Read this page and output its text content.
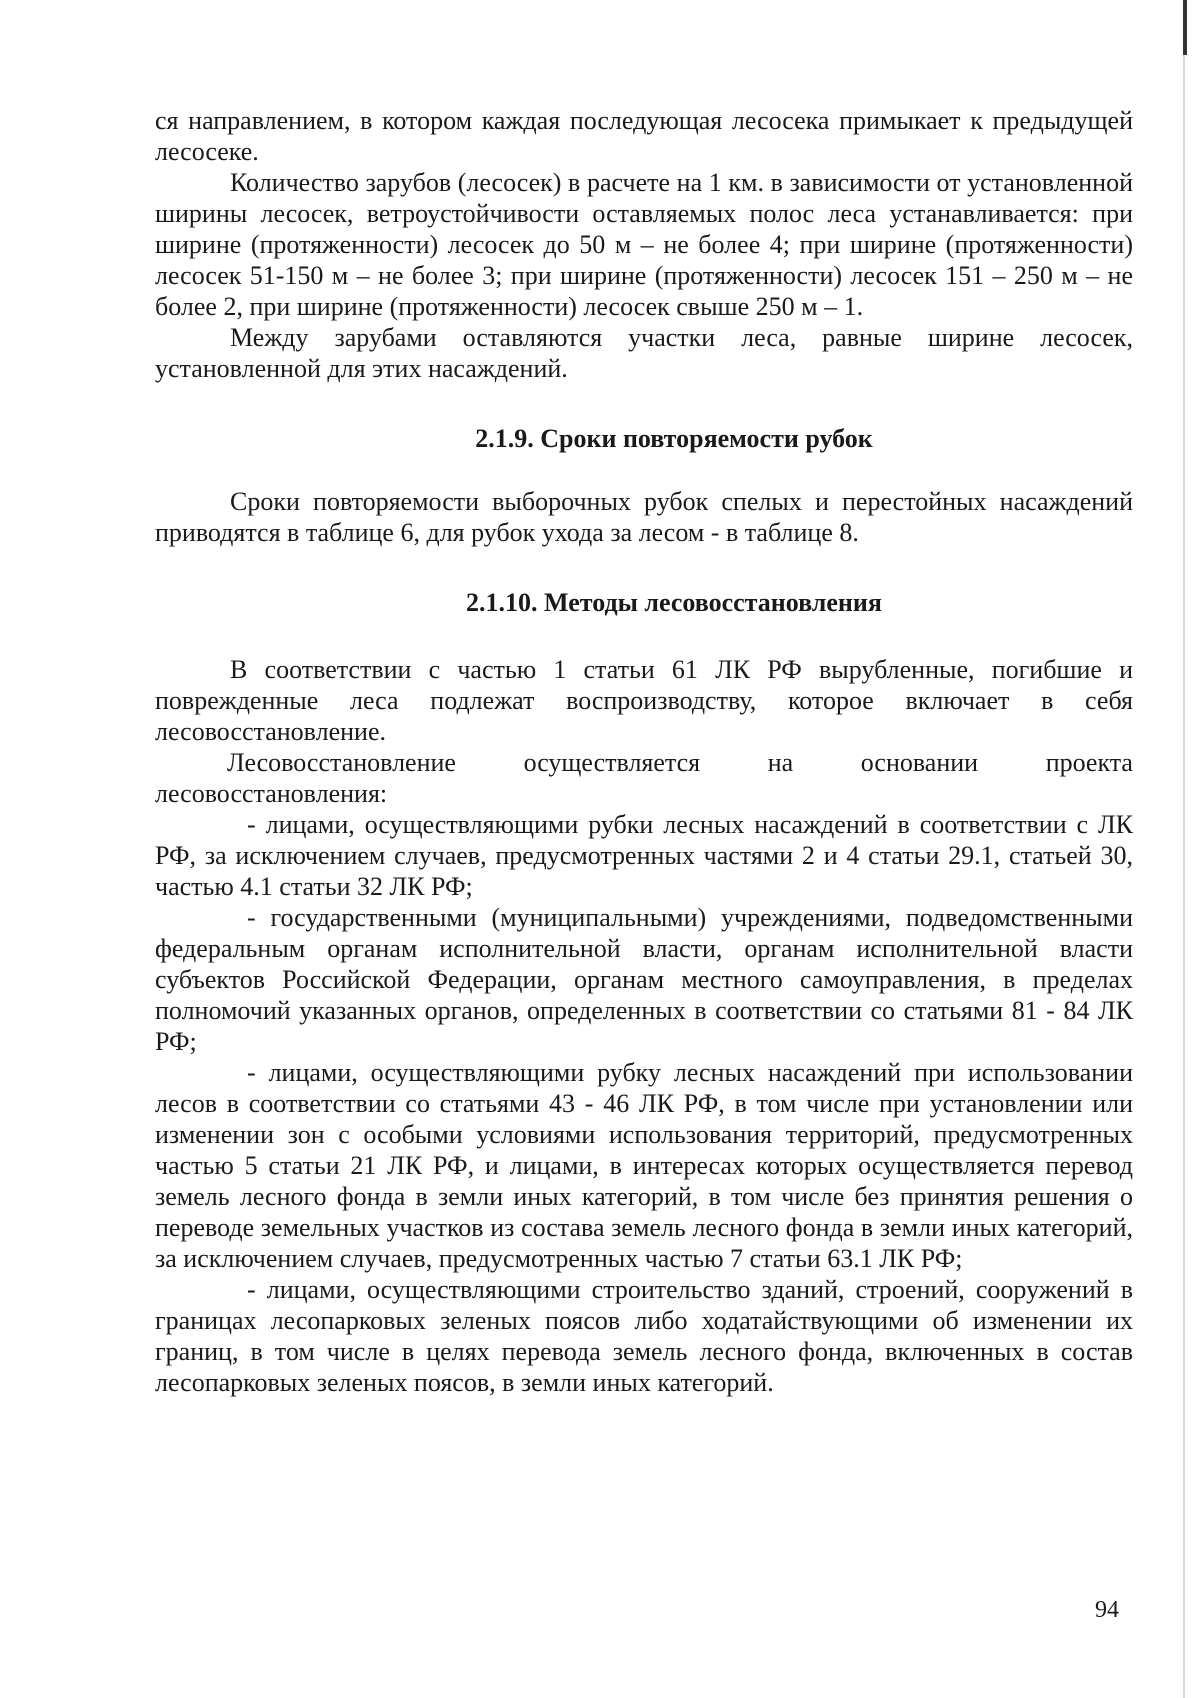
ся направлением, в котором каждая последующая лесосека примыкает к предыдущей лесосеке.

Количество зарубов (лесосек) в расчете на 1 км. в зависимости от установленной ширины лесосек, ветроустойчивости оставляемых полос леса устанавливается: при ширине (протяженности) лесосек до 50 м – не более 4; при ширине (протяженности) лесосек 51-150 м – не более 3; при ширине (протяженности) лесосек 151 – 250 м – не более 2, при ширине (протяженности) лесосек свыше 250 м – 1.

Между зарубами оставляются участки леса, равные ширине лесосек, установленной для этих насаждений.

2.1.9. Сроки повторяемости рубок

Сроки повторяемости выборочных рубок спелых и перестойных насаждений приводятся в таблице 6, для рубок ухода за лесом - в таблице 8.

2.1.10. Методы лесовосстановления

В соответствии с частью 1 статьи 61 ЛК РФ вырубленные, погибшие и поврежденные леса подлежат воспроизводству, которое включает в себя лесовосстановление.

Лесовосстановление	осуществляется	на	основании	проекта

лесовосстановления:

- лицами, осуществляющими рубки лесных насаждений в соответствии с ЛК РФ, за исключением случаев, предусмотренных частями 2 и 4 статьи 29.1, статьей 30, частью 4.1 статьи 32 ЛК РФ;

- государственными (муниципальными) учреждениями, подведомственными федеральным органам исполнительной власти, органам исполнительной власти субъектов Российской Федерации, органам местного самоуправления, в пределах полномочий указанных органов, определенных в соответствии со статьями 81 - 84 ЛК РФ;

- лицами, осуществляющими рубку лесных насаждений при использовании лесов в соответствии со статьями 43 - 46 ЛК РФ, в том числе при установлении или изменении зон с особыми условиями использования территорий, предусмотренных частью 5 статьи 21 ЛК РФ, и лицами, в интересах которых осуществляется перевод земель лесного фонда в земли иных категорий, в том числе без принятия решения о переводе земельных участков из состава земель лесного фонда в земли иных категорий, за исключением случаев, предусмотренных частью 7 статьи 63.1 ЛК РФ;

- лицами, осуществляющими строительство зданий, строений, сооружений в границах лесопарковых зеленых поясов либо ходатайствующими об изменении их границ, в том числе в целях перевода земель лесного фонда, включенных в состав лесопарковых зеленых поясов, в земли иных категорий.

94
